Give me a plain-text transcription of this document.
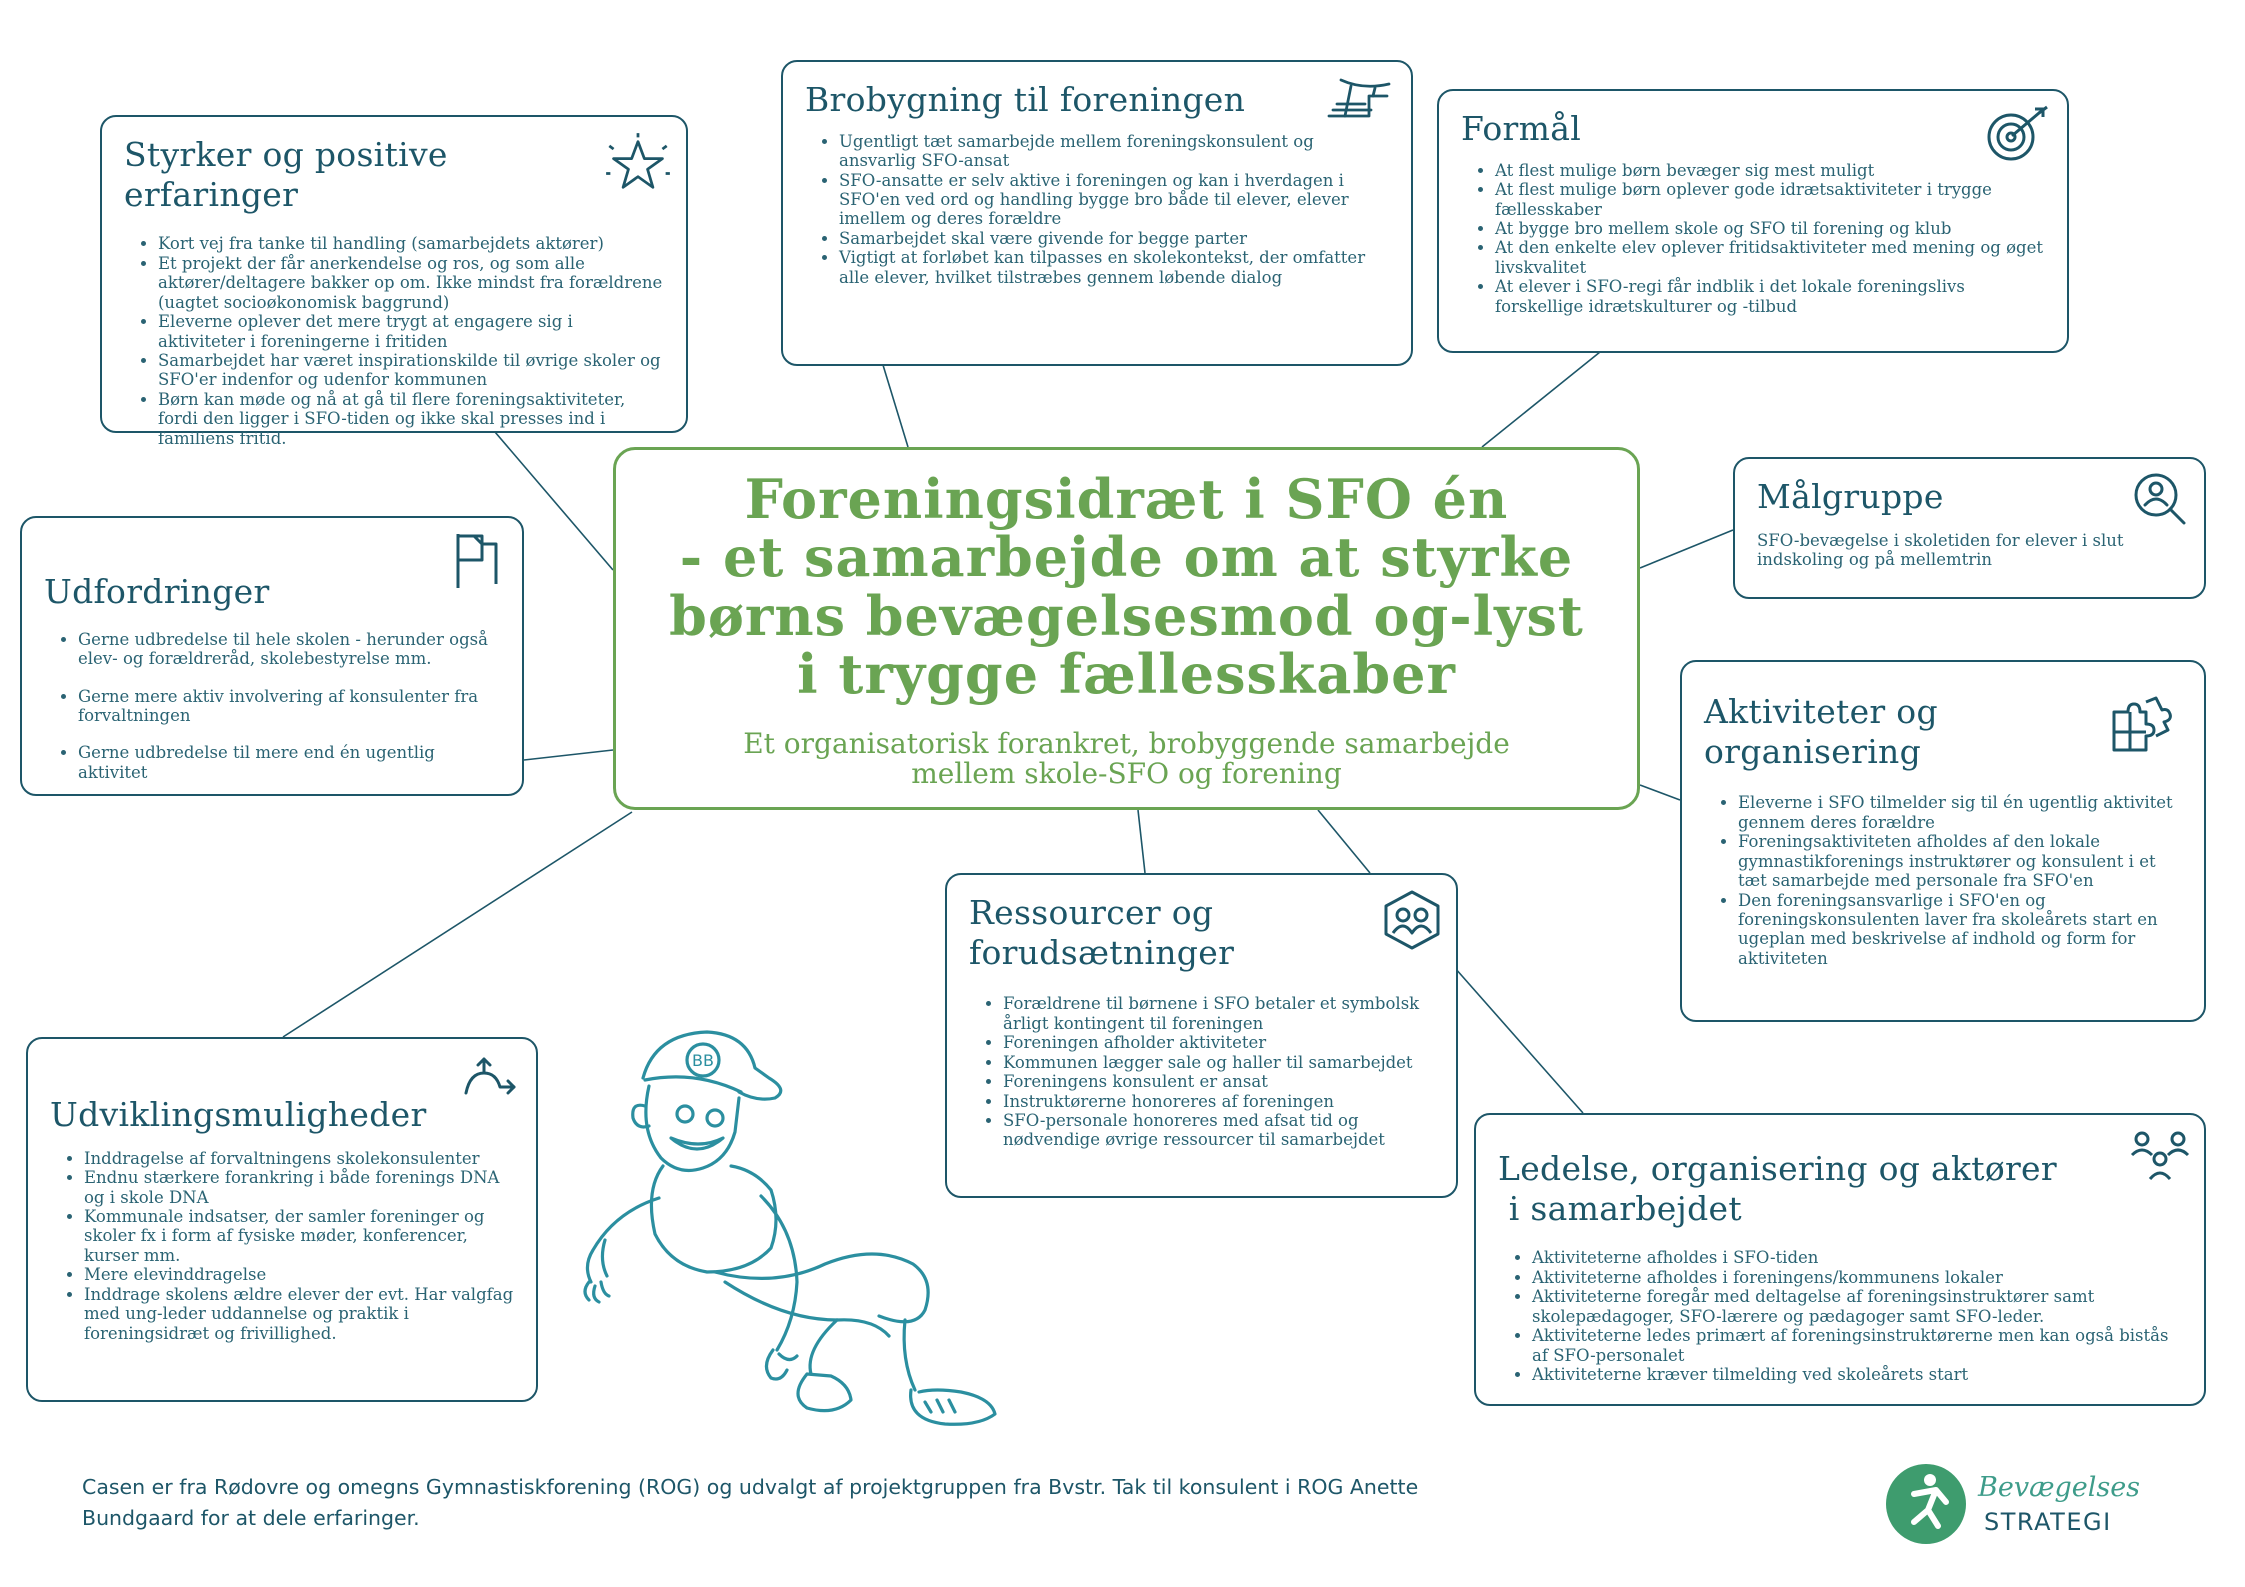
Styrker og positive
erfaringer
• Kort vej fra tanke til handling (samarbejdets aktører)
• Et projekt der får anerkendelse og ros, og som alle aktører/deltagere bakker op om. Ikke mindst fra forældrene (uagtet socioøkonomisk baggrund)
• Eleverne oplever det mere trygt at engagere sig i aktiviteter i foreningerne i fritiden
• Samarbejdet har været inspirationskilde til øvrige skoler og SFO'er indenfor og udenfor kommunen
• Børn kan møde og nå at gå til flere foreningsaktiviteter, fordi den ligger i SFO-tiden og ikke skal presses ind i familiens fritid.
Brobygning til foreningen
• Ugentligt tæt samarbejde mellem foreningskonsulent og ansvarlig SFO-ansat
• SFO-ansatte er selv aktive i foreningen og kan i hverdagen i SFO'en ved ord og handling bygge bro både til elever, elever imellem og deres forældre
• Samarbejdet skal være givende for begge parter
• Vigtigt at forløbet kan tilpasses en skolekontekst, der omfatter alle elever, hvilket tilstræbes gennem løbende dialog
Formål
• At flest mulige børn bevæger sig mest muligt
• At flest mulige børn oplever gode idrætsaktiviteter i trygge fællesskaber
• At bygge bro mellem skole og SFO til forening og klub
• At den enkelte elev oplever fritidsaktiviteter med mening og øget livskvalitet
• At elever i SFO-regi får indblik i det lokale foreningslivs forskellige idrætskulturer og -tilbud
Målgruppe

SFO-bevægelse i skoletiden for elever i slut indskoling og på mellemtrin

Udfordringer
• Gerne udbredelse til hele skolen - herunder også elev- og forældreråd, skolebestyrelse mm.
• Gerne mere aktiv involvering af konsulenter fra forvaltningen
• Gerne udbredelse til mere end én ugentlig aktivitet
Foreningsidræt i SFO én
- et samarbejde om at styrke
børns bevægelsesmod og-lyst
i trygge fællesskaber

Et organisatorisk forankret, brobyggende samarbejde
mellem skole-SFO og forening

Aktiviteter og
organisering
• Eleverne i SFO tilmelder sig til én ugentlig aktivitet gennem deres forældre
• Foreningsaktiviteten afholdes af den lokale gymnastikforenings instruktører og konsulent i et tæt samarbejde med personale fra SFO'en
• Den foreningsansvarlige i SFO'en og foreningskonsulenten laver fra skoleårets start en ugeplan med beskrivelse af indhold og form for aktiviteten
Ressourcer og
forudsætninger
• Forældrene til børnene i SFO betaler et symbolsk årligt kontingent til foreningen
• Foreningen afholder aktiviteter
• Kommunen lægger sale og haller til samarbejdet
• Foreningens konsulent er ansat
• Instruktørerne honoreres af foreningen
• SFO-personale honoreres med afsat tid og nødvendige øvrige ressourcer til samarbejdet
Udviklingsmuligheder
• Inddragelse af forvaltningens skolekonsulenter
• Endnu stærkere forankring i både forenings DNA og i skole DNA
• Kommunale indsatser, der samler foreninger og skoler fx i form af fysiske møder, konferencer, kurser mm.
• Mere elevinddragelse
• Inddrage skolens ældre elever der evt. Har valgfag med ung-leder uddannelse og praktik i foreningsidræt og frivillighed.
Ledelse, organisering og aktører
i samarbejdet
• Aktiviteterne afholdes i SFO-tiden
• Aktiviteterne afholdes i foreningens/kommunens lokaler
• Aktiviteterne foregår med deltagelse af foreningsinstruktører samt skolepædagoger, SFO-lærere og pædagoger samt SFO-leder.
• Aktiviteterne ledes primært af foreningsinstruktørerne men kan også bistås af SFO-personalet
• Aktiviteterne kræver tilmelding ved skoleårets start
BB

Casen er fra Rødovre og omegns Gymnastiskforening (ROG) og udvalgt af projektgruppen fra Bvstr. Tak til konsulent i ROG Anette
Bundgaard for at dele erfaringer.

Bevægelses
STRATEGI
